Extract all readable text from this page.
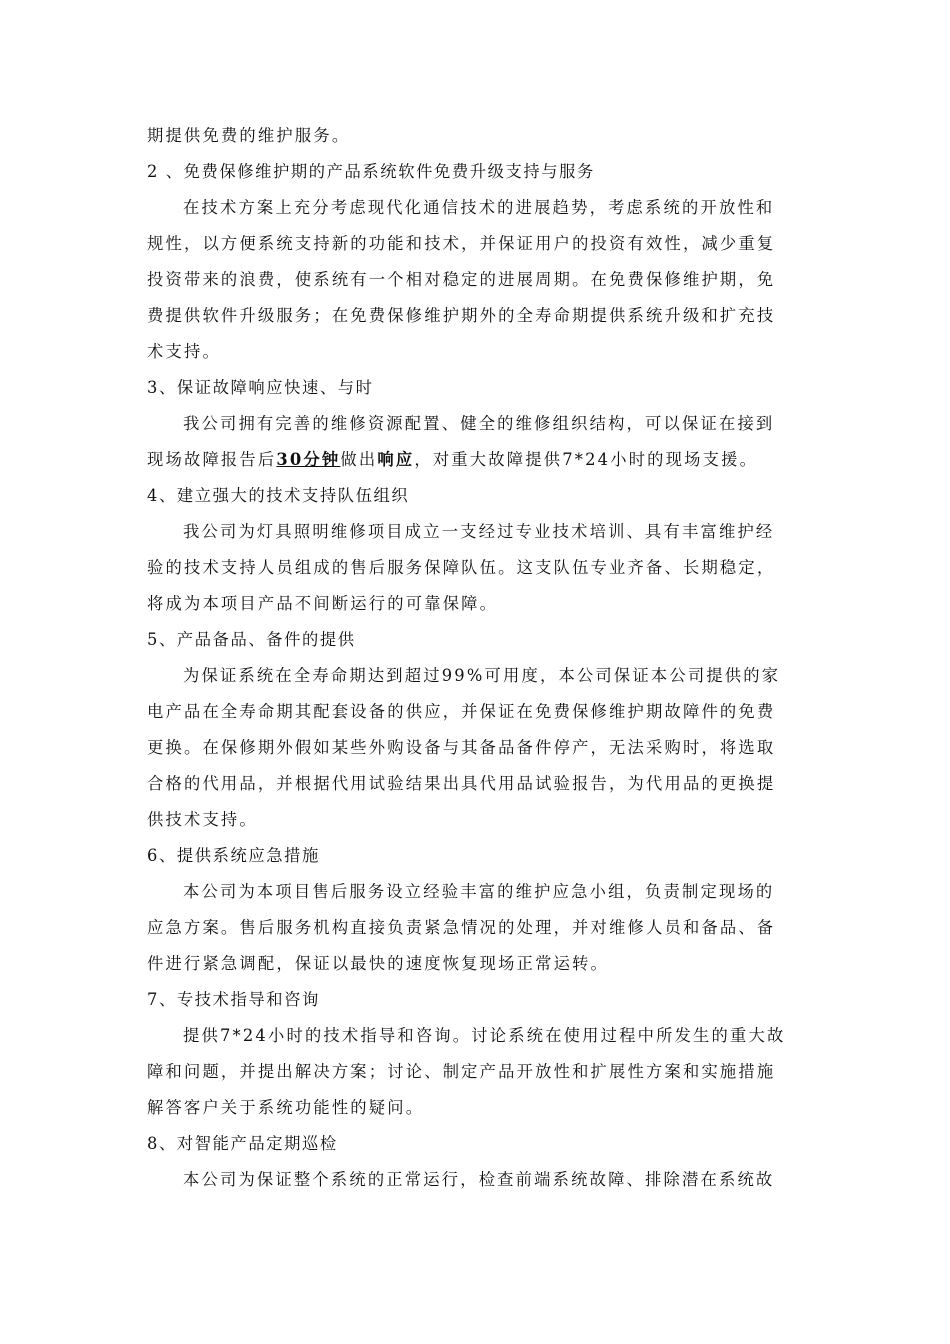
期提供免费的维护服务。
2 、免费保修维护期的产品系统软件免费升级支持与服务
在技术方案上充分考虑现代化通信技术的进展趋势，考虑系统的开放性和
规性，以方便系统支持新的功能和技术，并保证用户的投资有效性，减少重复
投资带来的浪费，使系统有一个相对稳定的进展周期。在免费保修维护期，免
费提供软件升级服务；在免费保修维护期外的全寿命期提供系统升级和扩充技
术支持。
3、保证故障响应快速、与时
我公司拥有完善的维修资源配置、健全的维修组织结构，可以保证在接到
现场故障报告后30分钟做出响应，对重大故障提供7*24小时的现场支援。
4、建立强大的技术支持队伍组织
我公司为灯具照明维修项目成立一支经过专业技术培训、具有丰富维护经
验的技术支持人员组成的售后服务保障队伍。这支队伍专业齐备、长期稳定，
将成为本项目产品不间断运行的可靠保障。
5、产品备品、备件的提供
为保证系统在全寿命期达到超过99%可用度，本公司保证本公司提供的家
电产品在全寿命期其配套设备的供应，并保证在免费保修维护期故障件的免费
更换。在保修期外假如某些外购设备与其备品备件停产，无法采购时，将选取
合格的代用品，并根据代用试验结果出具代用品试验报告，为代用品的更换提
供技术支持。
6、提供系统应急措施
本公司为本项目售后服务设立经验丰富的维护应急小组，负责制定现场的
应急方案。售后服务机构直接负责紧急情况的处理，并对维修人员和备品、备
件进行紧急调配，保证以最快的速度恢复现场正常运转。
7、专技术指导和咨询
提供7*24小时的技术指导和咨询。讨论系统在使用过程中所发生的重大故
障和问题，并提出解决方案；讨论、制定产品开放性和扩展性方案和实施措施
解答客户关于系统功能性的疑问。
8、对智能产品定期巡检
本公司为保证整个系统的正常运行，检查前端系统故障、排除潜在系统故
